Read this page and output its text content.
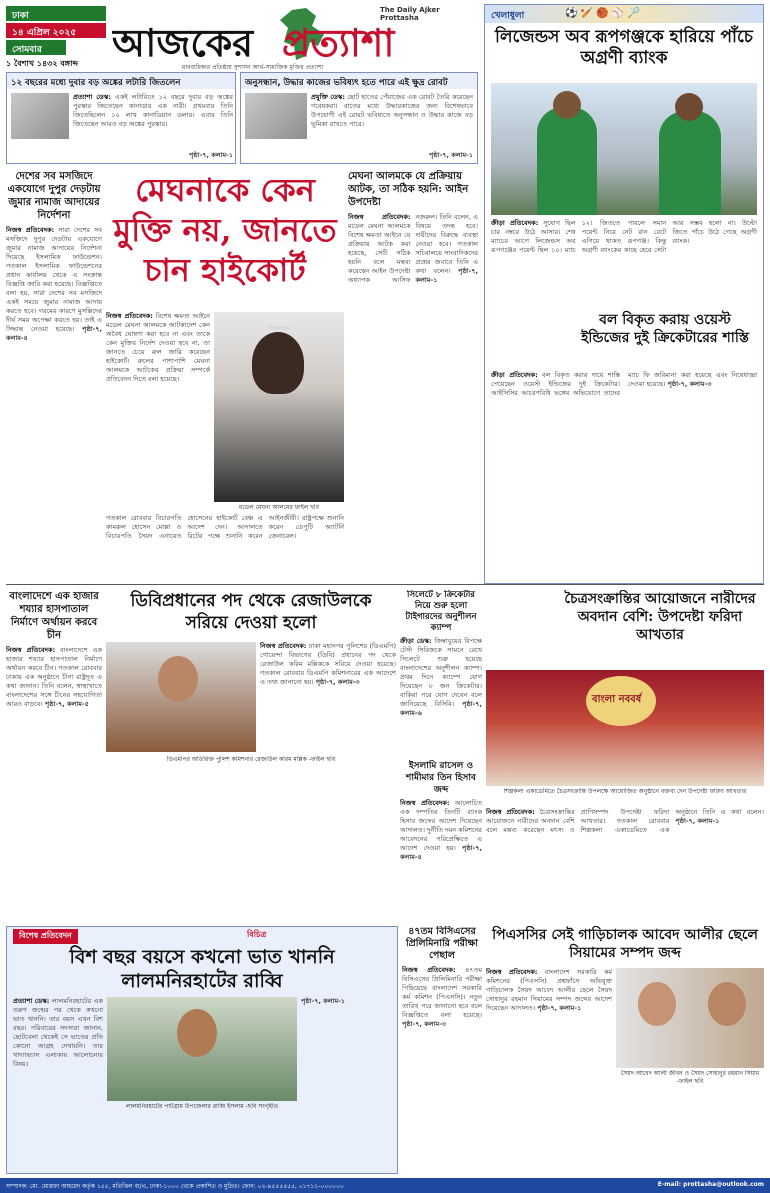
ঢাকা
১৪ এপ্রিল ২০২৫
সোমবার
১ বৈশাখ ১৪৩২ বঙ্গাব্দ আজকের প্রত্যাশা
The Daily Ajker Prottasha
মানবাধিকার প্রতিষ্ঠায় সুশাসন আর্থ-সামাজিক মুক্তির প্রত্যাশা
১২ বছরের মধ্যে দুবার বড় অঙ্কের লটারি জিতলেন
প্রত্যাশা ডেস্ক: একই লটারিতে ১২ বছরে দুবার বড় অঙ্কের পুরস্কার জিতেছেন কানাডার এক নারী। প্রথমবার তিনি জিতেছিলেন ১০ লাখ কানাডিয়ান ডলার। এবার তিনি জিতেছেন আরও বড় অঙ্কের পুরস্কার।
পৃষ্ঠা-৭, কলাম-১
অনুসন্ধান, উদ্ধার কাজের ভবিষ্যৎ হতে পারে এই ক্ষুদ্র রোবট
প্রযুক্তি ডেস্ক: ছোট হাতের পেঁয়াজের এক রোবট তৈরি করেছেন গবেষকরা। রাতের মধ্যে উদ্ধারকাজের জন্য বিশেষভাবে উপযোগী এই রোবট ভবিষ্যতে অনুসন্ধান ও উদ্ধার কাজে বড় ভূমিকা রাখতে পারে।
পৃষ্ঠা-৭, কলাম-১
খেলাধুলা	⚽ 🏏 🏀 ⚾ 🏸
লিজেন্ডস অব রূপগঞ্জকে হারিয়ে পাঁচে অগ্রণী ব্যাংক
ক্রীড়া প্রতিবেদক: সুযোগ ছিল চার নম্বরে উঠে আসার। শেষ ম্যাচের আগে লিজেন্ডস অব রূপগঞ্জের পয়েন্ট ছিল ১০। ম্যাচ ১২। জিততে পারলে সমান পয়েন্ট নিয়ে নেট রান রেটে এগিয়ে থাকত রূপগঞ্জ। কিন্তু অগ্রণী ব্যাংকের কাছে হেরে সেটা আর সম্ভব হলো না। উল্টো জিতে পাঁচে উঠে গেছে অগ্রণী ব্যাংক।
বল বিকৃত করায় ওয়েস্ট ইন্ডিজের দুই ক্রিকেটারের শাস্তি
ক্রীড়া প্রতিবেদক: বল বিকৃত করার দায়ে শাস্তি পেয়েছেন ওয়েস্ট ইন্ডিজের দুই ক্রিকেটার। আইসিসির আচরণবিধি ভঙ্গের অভিযোগে তাদের ম্যাচ ফি জরিমানা করা হয়েছে এবং নিষেধাজ্ঞা দেওয়া হয়েছে। পৃষ্ঠা-৭, কলাম-৩
দেশের সব মসজিদে একযোগে দুপুর দেড়টায় জুমার নামাজ আদায়ের নির্দেশনা
নিজস্ব প্রতিবেদক: সারা দেশের সব মসজিদে দুপুর দেড়টায় একযোগে জুমার নামাজ আদায়ের নির্দেশনা দিয়েছে ইসলামিক ফাউন্ডেশন। গতকাল ইসলামিক ফাউন্ডেশনের প্রধান কার্যালয় থেকে এ সংক্রান্ত বিজ্ঞপ্তি জারি করা হয়েছে। বিজ্ঞপ্তিতে বলা হয়, সারা দেশের সব মসজিদে একই সময়ে জুমার নামাজ আদায় করতে হবে। গরমের কারণে মুসল্লিদের দীর্ঘ সময় অপেক্ষা করতে হয়। তাই এ সিদ্ধান্ত নেওয়া হয়েছে। পৃষ্ঠা-৭, কলাম-৪
মেঘনাকে কেন মুক্তি নয়, জানতে চান হাইকোর্ট
নিজস্ব প্রতিবেদক: বিশেষ ক্ষমতা আইনে মডেল মেঘনা আলমকে আটকাদেশ কেন অবৈধ ঘোষণা করা হবে না এবং তাকে কেন মুক্তির নির্দেশ দেওয়া হবে না, তা জানতে চেয়ে রুল জারি করেছেন হাইকোর্ট। রুলের পাশাপাশি মেঘনা আলমকে আটকের প্রক্রিয়া সম্পর্কে প্রতিবেদন দিতে বলা হয়েছে।
মডেল মেঘনা আলমের ফাইল ছবি
গতকাল রোববার বিচারপতি কামরুল হোসেন মোল্লা ও বিচারপতি সৈয়দ এনায়েত হোসেনের হাইকোর্ট বেঞ্চ এ আদেশ দেন। আদালতে রিটের পক্ষে শুনানি করেন আইনজীবী। রাষ্ট্রপক্ষে শুনানি করেন ডেপুটি অ্যাটর্নি জেনারেল।
মেঘনা আলমকে যে প্রক্রিয়ায় আটক, তা সঠিক হয়নি: আইন উপদেষ্টা
নিজস্ব প্রতিবেদক: মডেল মেঘনা আলমকে বিশেষ ক্ষমতা আইনে যে প্রক্রিয়ায় আটক করা হয়েছে, সেটি সঠিক হয়নি বলে মন্তব্য করেছেন আইন উপদেষ্টা অধ্যাপক আসিফ নজরুল। তিনি বলেন, এ বিষয়ে তদন্ত হবে। দায়ীদের বিরুদ্ধে ব্যবস্থা নেওয়া হবে। গতকাল সচিবালয়ে সাংবাদিকদের প্রশ্নের জবাবে তিনি এ কথা বলেন। পৃষ্ঠা-৭, কলাম-১
বাংলাদেশে এক হাজার শয্যার হাসপাতাল নির্মাণে অর্থায়ন করবে চীন
নিজস্ব প্রতিবেদক: বাংলাদেশে এক হাজার শয্যার হাসপাতাল নির্মাণে অর্থায়ন করবে চীন। গতকাল রোববার ঢাকায় এক অনুষ্ঠানে চীনা রাষ্ট্রদূত এ কথা জানান। তিনি বলেন, স্বাস্থ্যখাতে বাংলাদেশের সঙ্গে চীনের সহযোগিতা আরও বাড়বে। পৃষ্ঠা-৭, কলাম-৫
ডিবিপ্রধানের পদ থেকে রেজাউলকে সরিয়ে দেওয়া হলো
নিজস্ব প্রতিবেদক: ঢাকা মহানগর পুলিশের (ডিএমপি) গোয়েন্দা বিভাগের (ডিবি) প্রধানের পদ থেকে রেজাউল করিম মল্লিককে সরিয়ে দেওয়া হয়েছে। গতকাল রোববার ডিএমপি কমিশনারের এক আদেশে এ তথ্য জানানো হয়। পৃষ্ঠা-৭, কলাম-৩
ডিএমপির অতিরিক্ত পুলিশ কমিশনার রেজাউল করিম মল্লিক -ফাইল ছবি
ইসলামি রাসেল ও শামীমার তিন হিসাব জব্দ
নিজস্ব প্রতিবেদক: আলোচিত এক দম্পতির তিনটি ব্যাংক হিসাব জব্দের আদেশ দিয়েছেন আদালত। দুর্নীতি দমন কমিশনের আবেদনের পরিপ্রেক্ষিতে এ আদেশ দেওয়া হয়। পৃষ্ঠা-৭, কলাম-৪
সিলেটে ৮ ক্রিকেটার নিয়ে শুরু হলো টাইগারদের অনুশীলন ক্যাম্প
ক্রীড়া ডেস্ক: জিম্বাবুয়ের বিপক্ষে টেস্ট সিরিজকে সামনে রেখে সিলেটে শুরু হয়েছে বাংলাদেশের অনুশীলন ক্যাম্প। প্রথম দিনে ক্যাম্পে যোগ দিয়েছেন ৮ জন ক্রিকেটার। বাকিরা পরে যোগ দেবেন বলে জানিয়েছে বিসিবি। পৃষ্ঠা-৭, কলাম-৬
চৈত্রসংক্রান্তির আয়োজনে নারীদের অবদান বেশি: উপদেষ্টা ফরিদা আখতার
বাংলা নববর্ষ
শিল্পকলা একাডেমিতে চৈত্রসংক্রান্তি উপলক্ষে আয়োজিত অনুষ্ঠানে বক্তব্য দেন উপদেষ্টা ফরিদা আখতার
নিজস্ব প্রতিবেদক: চৈত্রসংক্রান্তির আয়োজনে নারীদের অবদান বেশি বলে মন্তব্য করেছেন মৎস্য ও প্রাণিসম্পদ উপদেষ্টা ফরিদা আখতার। গতকাল রোববার শিল্পকলা একাডেমিতে এক অনুষ্ঠানে তিনি এ কথা বলেন। পৃষ্ঠা-৭, কলাম-১
বিশেষ প্রতিবেদন	বিচিত্র
বিশ বছর বয়সে কখনো ভাত খাননি লালমনিরহাটের রাব্বি
প্রত্যাশা ডেস্ক: লালমনিরহাটের এক তরুণ জন্মের পর থেকে কখনো ভাত খাননি। তার বয়স এখন বিশ বছর। পরিবারের সদস্যরা জানান, ছোটবেলা থেকেই সে ভাতের প্রতি কোনো আগ্রহ দেখায়নি। তার খাদ্যাভ্যাস এলাকায় আলোচনার বিষয়।
লালমনিরহাটের পাটগ্রাম উপজেলার রাব্বি ইসলাম -ছবি সংগৃহীত
পৃষ্ঠা-৭, কলাম-১
৪৭তম বিসিএসের প্রিলিমিনারি পরীক্ষা পেছাল
নিজস্ব প্রতিবেদক: ৪৭তম বিসিএসের প্রিলিমিনারি পরীক্ষা পিছিয়েছে বাংলাদেশ সরকারি কর্ম কমিশন (পিএসসি)। নতুন তারিখ পরে জানানো হবে বলে বিজ্ঞপ্তিতে বলা হয়েছে। পৃষ্ঠা-৭, কলাম-৩
পিএসসির সেই গাড়িচালক আবেদ আলীর ছেলে সিয়ামের সম্পদ জব্দ
নিজস্ব প্রতিবেদক: বাংলাদেশ সরকারি কর্ম কমিশনের (পিএসসি) প্রশ্নফাঁসে অভিযুক্ত গাড়িচালক সৈয়দ আবেদ আলীর ছেলে সৈয়দ সোহানুর রহমান সিয়ামের সম্পদ জব্দের আদেশ দিয়েছেন আদালত। পৃষ্ঠা-৭, কলাম-১
সৈয়দ আবেদ আলী জীবন ও সৈয়দ সোহানুর রহমান সিয়াম -ফাইল ছবি
সম্পাদক: মো. মোস্তফা আহমেদ কর্তৃক ১৫৫, মতিঝিল বা/এ, ঢাকা-১০০০ থেকে প্রকাশিত ও মুদ্রিত। ফোন: ০২-৯৫৫৫৫৫৫, ০১৭১১-০০০০০০	E-mail: prottasha@outlook.com
